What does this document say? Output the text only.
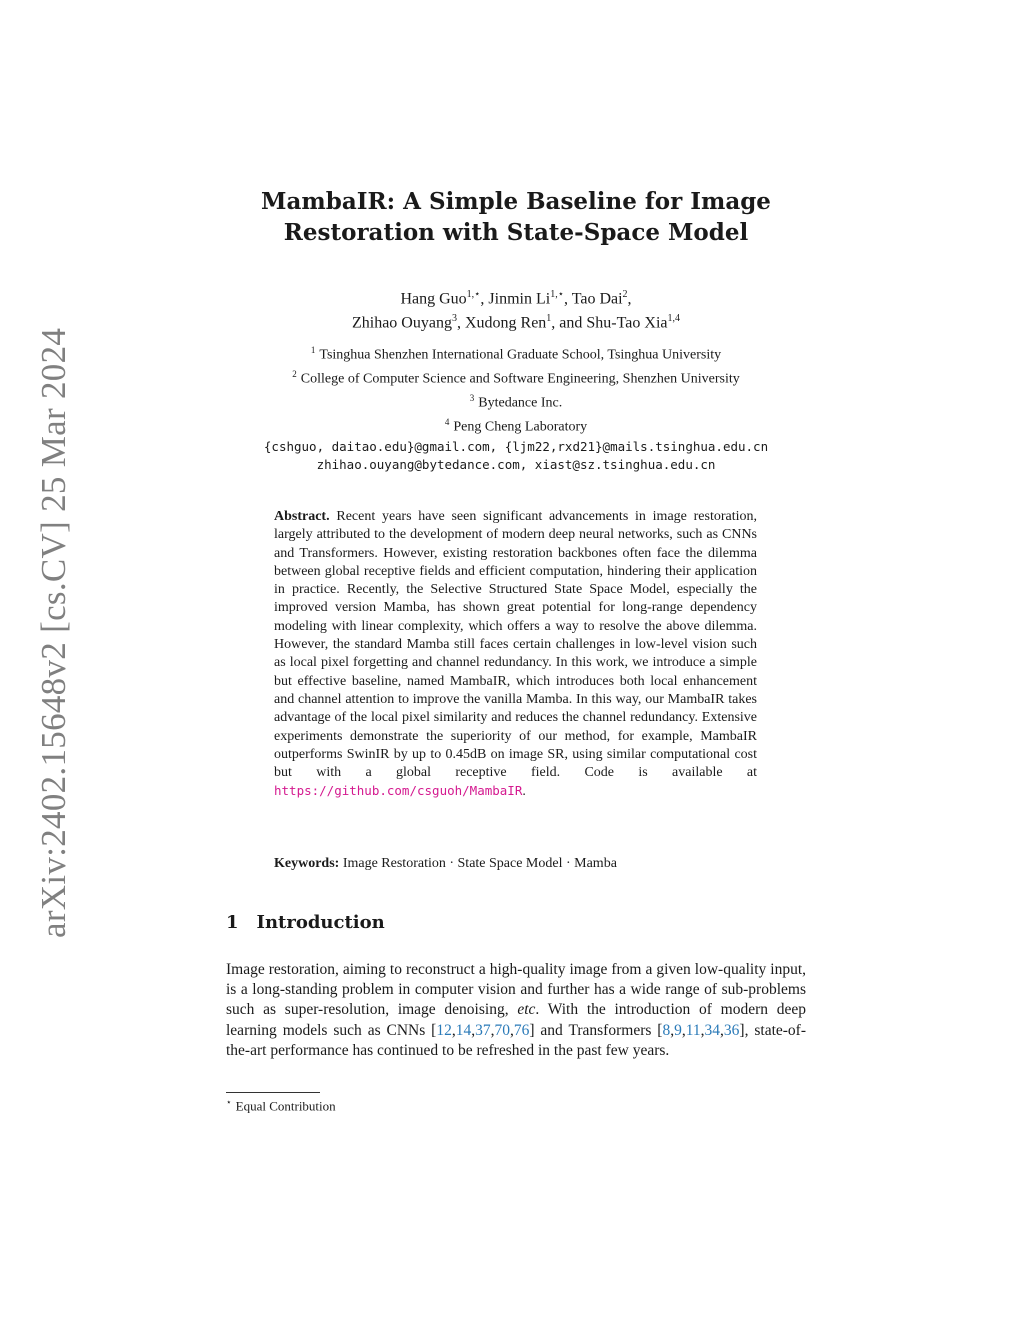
arXiv:2402.15648v2 [cs.CV] 25 Mar 2024
MambaIR: A Simple Baseline for Image
Restoration with State-Space Model
Hang Guo$^{1,⋆}$, Jinmin $Li^{1,⋆}$, Tao Dai$^2$,
Zhihao Ouyang$^3$, Xudong Ren$^1$, and Shu-Tao Xia$^{1,4}$
$^1$ Tsinghua Shenzhen International Graduate School, Tsinghua University
$^2$ College of Computer Science and Software Engineering, Shenzhen University
$^3$ Bytedance Inc.
$^4$ Peng Cheng Laboratory
{cshguo, daitao.edu}@gmail.com, {ljm22,rxd21}@mails.tsinghua.edu.cn
zhihao.ouyang@bytedance.com, xiast@sz.tsinghua.edu.cn
Abstract. Recent years have seen significant advancements in image restoration, largely attributed to the development of modern deep neural networks, such as CNNs and Transformers. However, existing restoration backbones often face the dilemma between global receptive fields and efficient computation, hindering their application in practice. Recently, the Selective Structured State Space Model, especially the improved version Mamba, has shown great potential for long-range dependency modeling with linear complexity, which offers a way to resolve the above dilemma. However, the standard Mamba still faces certain challenges in low-level vision such as local pixel forgetting and channel redundancy. In this work, we introduce a simple but effective baseline, named MambaIR, which introduces both local enhancement and channel attention to improve the vanilla Mamba. In this way, our MambaIR takes advantage of the local pixel similarity and reduces the channel redundancy. Extensive experiments demonstrate the superiority of our method, for example, MambaIR outperforms SwinIR by up to 0.45dB on image SR, using similar computational cost but with a global receptive field. Code is available at https://github.com/csguoh/MambaIR.
Keywords: Image Restoration · State Space Model · Mamba
1 Introduction
Image restoration, aiming to reconstruct a high-quality image from a given low-quality input, is a long-standing problem in computer vision and further has a wide range of sub-problems such as super-resolution, image denoising, etc. With the introduction of modern deep learning models such as CNNs [12,14,37,70,76] and Transformers [8,9,11,34,36], state-of-the-art performance has continued to be refreshed in the past few years.
⋆ Equal Contribution
